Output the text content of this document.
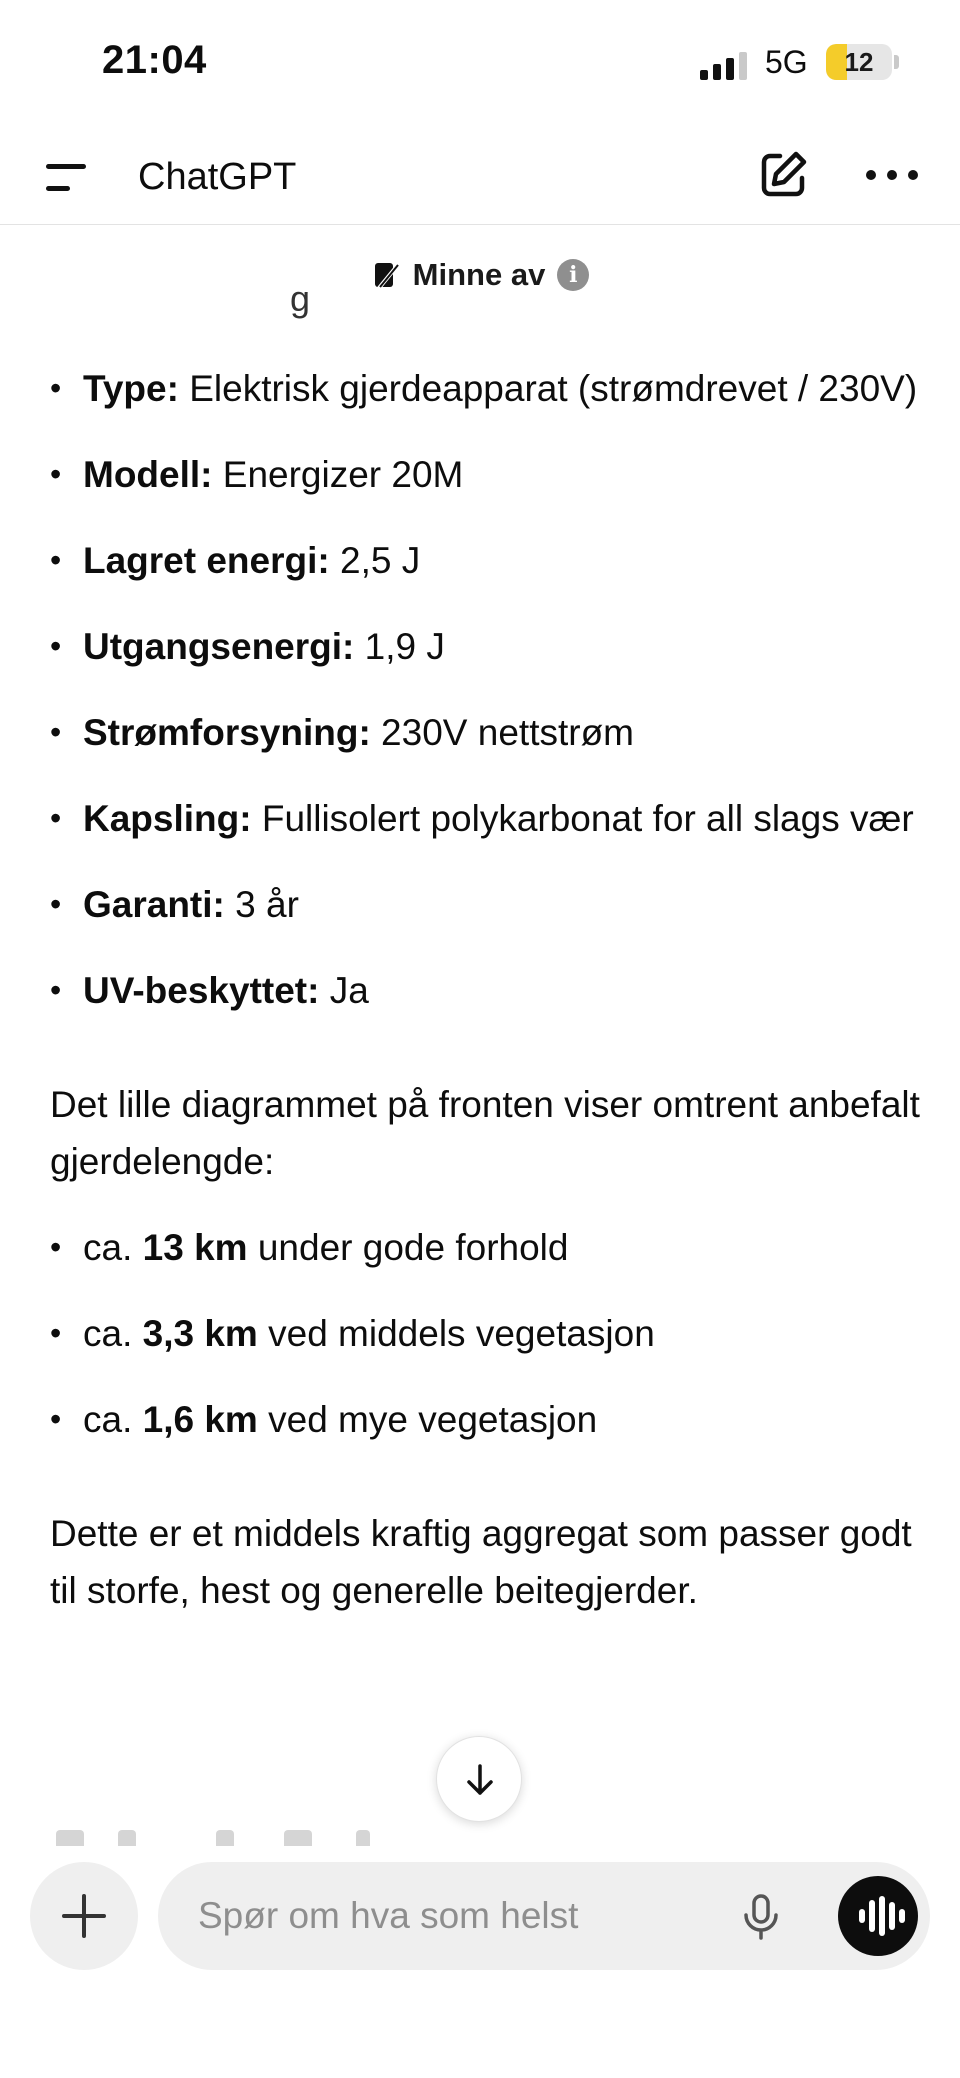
21:04	5G	12
ChatGPT
Minne av	i
g
• Type: Elektrisk gjerdeapparat (strømdrevet / 230V)
• Modell: Energizer 20M
• Lagret energi: 2,5 J
• Utgangsenergi: 1,9 J
• Strømforsyning: 230V nettstrøm
• Kapsling: Fullisolert polykarbonat for all slags vær
• Garanti: 3 år
• UV-beskyttet: Ja

Det lille diagrammet på fronten viser omtrent anbefalt gjerdelengde:

• ca. 13 km under gode forhold
• ca. 3,3 km ved middels vegetasjon
• ca. 1,6 km ved mye vegetasjon

Dette er et middels kraftig aggregat som passer godt til storfe, hest og generelle beitegjerder.

Spør om hva som helst
